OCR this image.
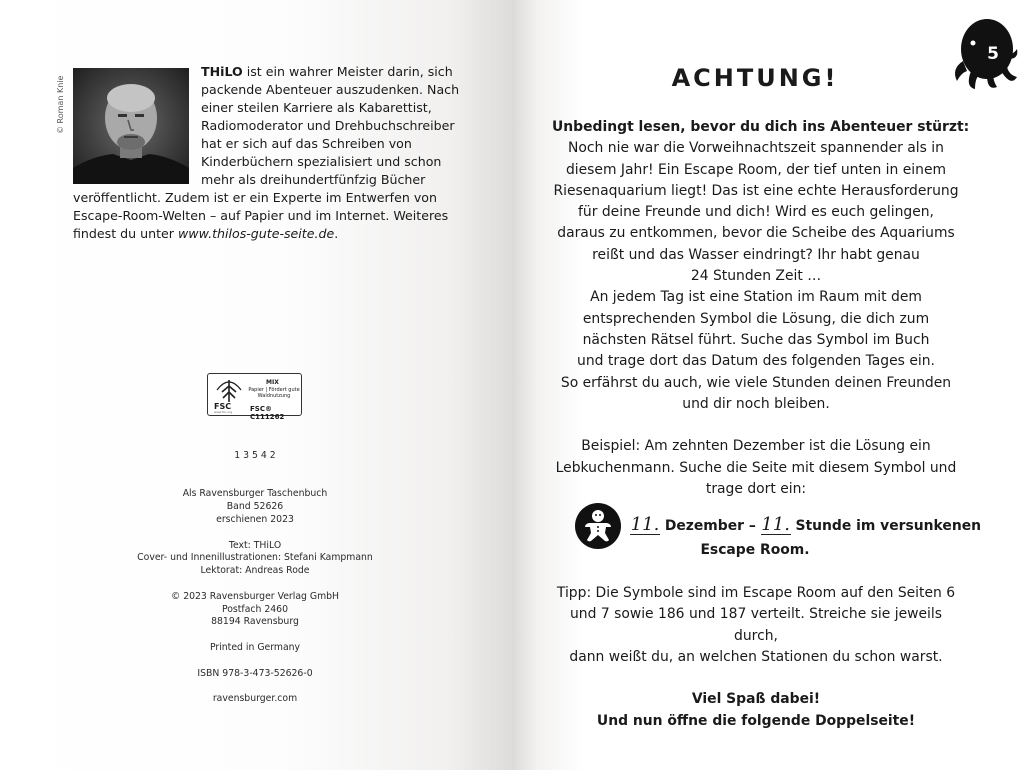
© Roman Knie

THiLO ist ein wahrer Meister darin, sich packende Abenteuer auszudenken. Nach einer steilen Karriere als Kabarettist, Radiomoderator und Drehbuchschreiber hat er sich auf das Schreiben von Kinderbüchern spezialisiert und schon mehr als dreihundertfünfzig Bücher veröffentlicht. Zudem ist er ein Experte im Entwerfen von Escape-Room-Welten – auf Papier und im Internet. Weiteres findest du unter www.thilos-gute-seite.de.

FSC
www.fsc.org
MIX
Papier | Fördert gute Waldnutzung
FSC® C111262
1 3 5 4 2
Als Ravensburger Taschenbuch
Band 52626
erschienen 2023
Text: THiLO
Cover- und Innenillustrationen: Stefani Kampmann
Lektorat: Andreas Rode
© 2023 Ravensburger Verlag GmbH
Postfach 2460
88194 Ravensburg
Printed in Germany
ISBN 978-3-473-52626-0
ravensburger.com
5
ACHTUNG!
Unbedingt lesen, bevor du dich ins Abenteuer stürzt:
Noch nie war die Vorweihnachtszeit spannender als in
diesem Jahr! Ein Escape Room, der tief unten in einem
Riesenaquarium liegt! Das ist eine echte Herausforderung
für deine Freunde und dich! Wird es euch gelingen,
daraus zu entkommen, bevor die Scheibe des Aquariums
reißt und das Wasser eindringt? Ihr habt genau
24 Stunden Zeit …
An jedem Tag ist eine Station im Raum mit dem
entsprechenden Symbol die Lösung, die dich zum
nächsten Rätsel führt. Suche das Symbol im Buch
und trage dort das Datum des folgenden Tages ein.
So erfährst du auch, wie viele Stunden deinen Freunden
und dir noch bleiben.
Beispiel: Am zehnten Dezember ist die Lösung ein
Lebkuchenmann. Suche die Seite mit diesem Symbol und
trage dort ein:
11. Dezember – 11. Stunde im versunkenen
Escape Room.
Tipp: Die Symbole sind im Escape Room auf den Seiten 6
und 7 sowie 186 und 187 verteilt. Streiche sie jeweils durch,
dann weißt du, an welchen Stationen du schon warst.
Viel Spaß dabei!
Und nun öffne die folgende Doppelseite!
